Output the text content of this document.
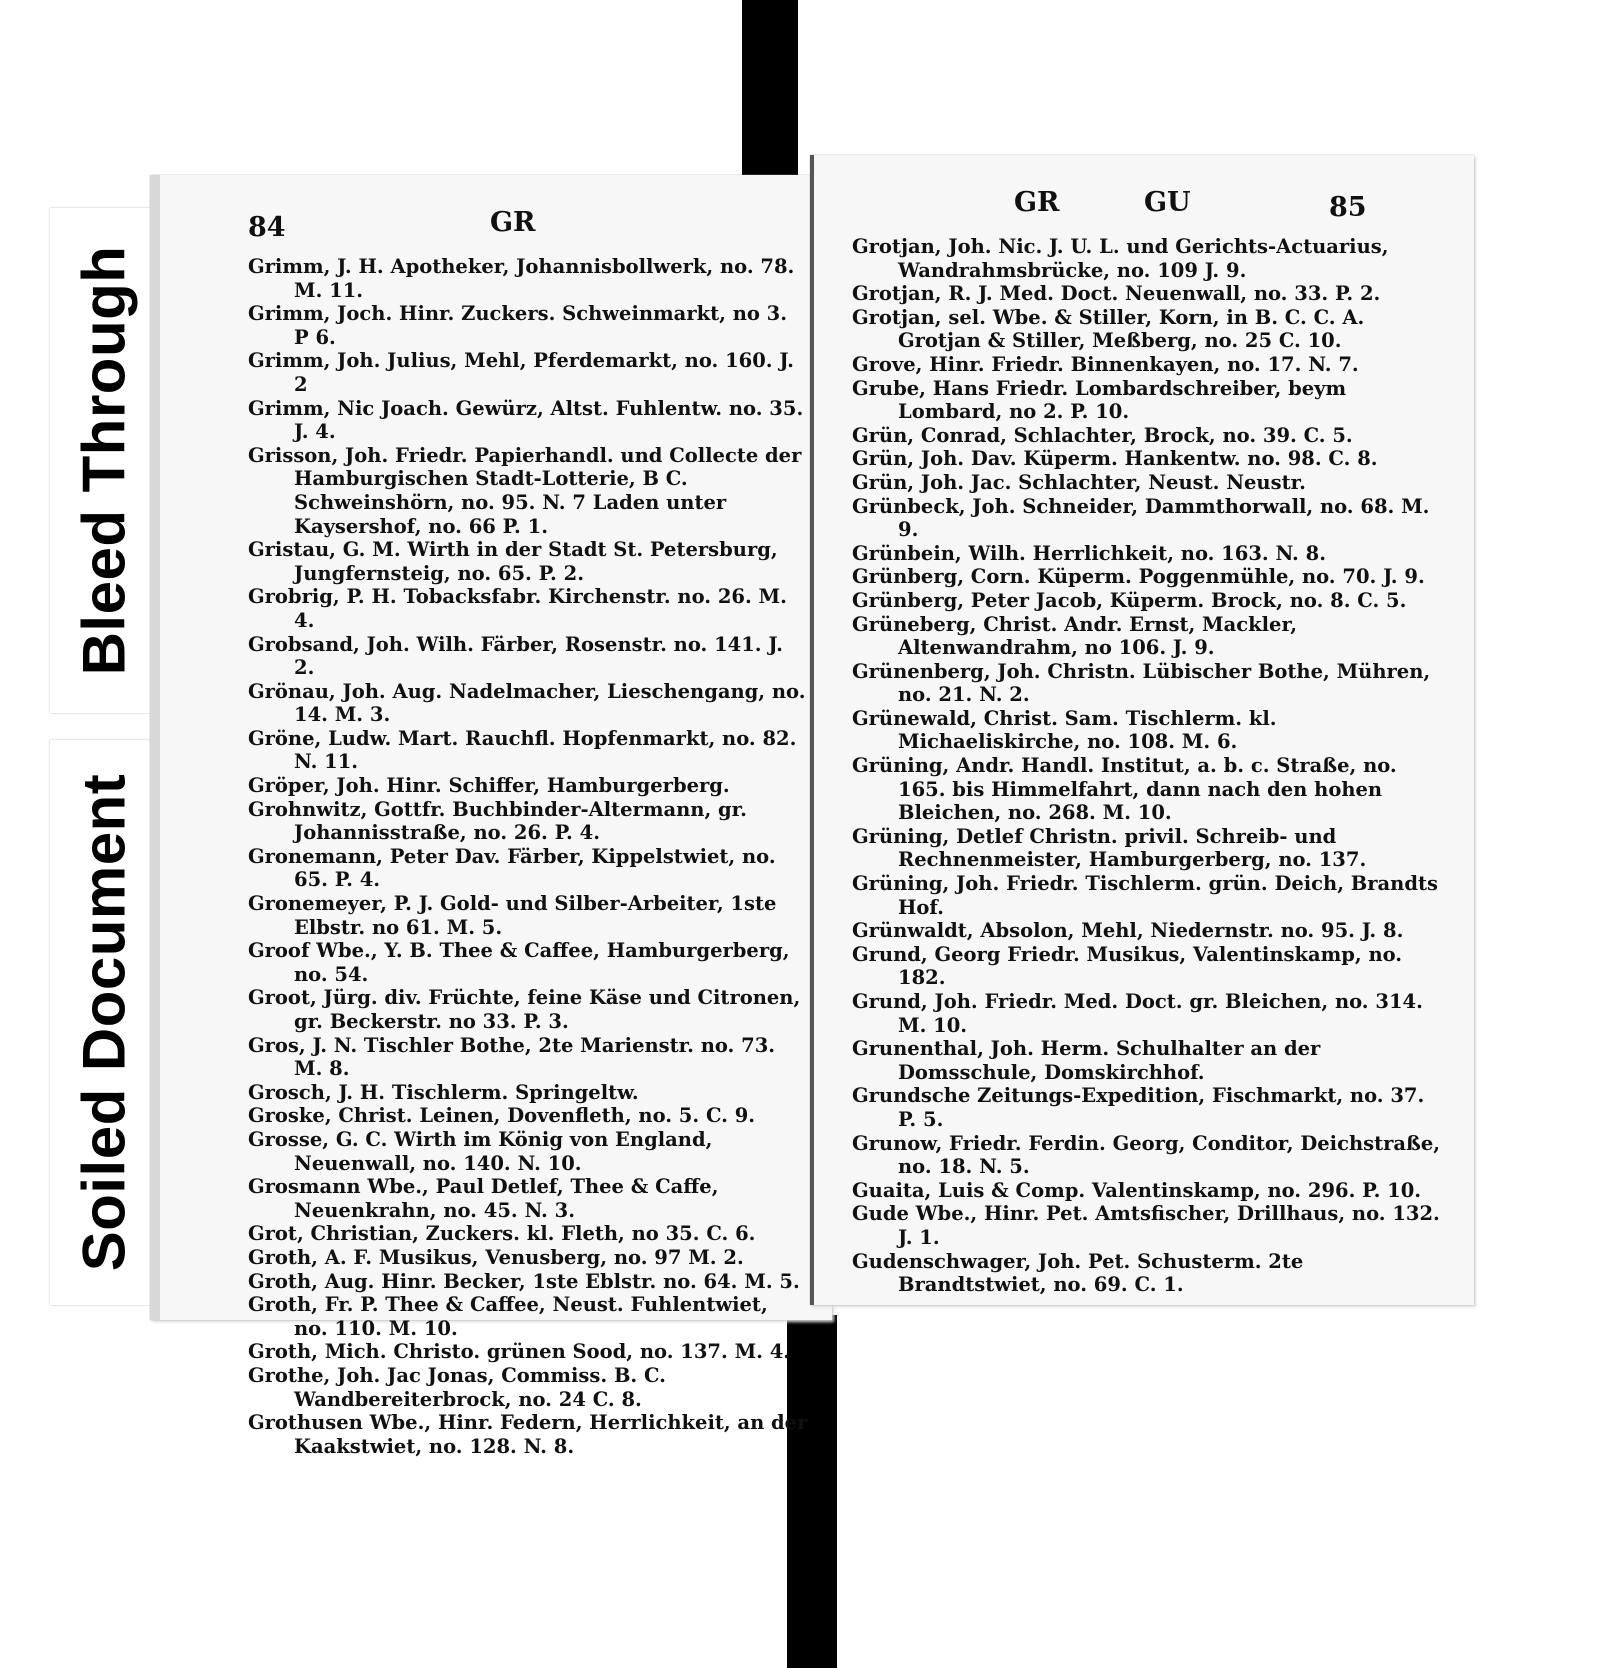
Bleed Through
Soiled Document
84	GR
Grimm, J. H. Apotheker, Johannisbollwerk, no. 78. M. 11.
Grimm, Joch. Hinr. Zuckers. Schweinmarkt, no 3. P 6.
Grimm, Joh. Julius, Mehl, Pferdemarkt, no. 160. J. 2
Grimm, Nic Joach. Gewürz, Altst. Fuhlentw. no. 35. J. 4.
Grisson, Joh. Friedr. Papierhandl. und Collecte der Hamburgischen Stadt-Lotterie, B C. Schweinshörn, no. 95. N. 7 Laden unter Kaysershof, no. 66 P. 1.
Gristau, G. M. Wirth in der Stadt St. Petersburg, Jungfernsteig, no. 65. P. 2.
Grobrig, P. H. Tobacksfabr. Kirchenstr. no. 26. M. 4.
Grobsand, Joh. Wilh. Färber, Rosenstr. no. 141. J. 2.
Grönau, Joh. Aug. Nadelmacher, Lieschengang, no. 14. M. 3.
Gröne, Ludw. Mart. Rauchfl. Hopfenmarkt, no. 82. N. 11.
Gröper, Joh. Hinr. Schiffer, Hamburgerberg.
Grohnwitz, Gottfr. Buchbinder-Altermann, gr. Johannisstraße, no. 26. P. 4.
Gronemann, Peter Dav. Färber, Kippelstwiet, no. 65. P. 4.
Gronemeyer, P. J. Gold- und Silber-Arbeiter, 1ste Elbstr. no 61. M. 5.
Groof Wbe., Y. B. Thee & Caffee, Hamburgerberg, no. 54.
Groot, Jürg. div. Früchte, feine Käse und Citronen, gr. Beckerstr. no 33. P. 3.
Gros, J. N. Tischler Bothe, 2te Marienstr. no. 73. M. 8.
Grosch, J. H. Tischlerm. Springeltw.
Groske, Christ. Leinen, Dovenfleth, no. 5. C. 9.
Grosse, G. C. Wirth im König von England, Neuenwall, no. 140. N. 10.
Grosmann Wbe., Paul Detlef, Thee & Caffe, Neuenkrahn, no. 45. N. 3.
Grot, Christian, Zuckers. kl. Fleth, no 35. C. 6.
Groth, A. F. Musikus, Venusberg, no. 97 M. 2.
Groth, Aug. Hinr. Becker, 1ste Eblstr. no. 64. M. 5.
Groth, Fr. P. Thee & Caffee, Neust. Fuhlentwiet, no. 110. M. 10.
Groth, Mich. Christo. grünen Sood, no. 137. M. 4.
Grothe, Joh. Jac Jonas, Commiss. B. C. Wandbereiterbrock, no. 24 C. 8.
Grothusen Wbe., Hinr. Federn, Herrlichkeit, an der Kaakstwiet, no. 128. N. 8.
GR	GU	85
Grotjan, Joh. Nic. J. U. L. und Gerichts-Actuarius, Wandrahmsbrücke, no. 109 J. 9.
Grotjan, R. J. Med. Doct. Neuenwall, no. 33. P. 2.
Grotjan, sel. Wbe. & Stiller, Korn, in B. C. C. A. Grotjan & Stiller, Meßberg, no. 25 C. 10.
Grove, Hinr. Friedr. Binnenkayen, no. 17. N. 7.
Grube, Hans Friedr. Lombardschreiber, beym Lombard, no 2. P. 10.
Grün, Conrad, Schlachter, Brock, no. 39. C. 5.
Grün, Joh. Dav. Küperm. Hankentw. no. 98. C. 8.
Grün, Joh. Jac. Schlachter, Neust. Neustr.
Grünbeck, Joh. Schneider, Dammthorwall, no. 68. M. 9.
Grünbein, Wilh. Herrlichkeit, no. 163. N. 8.
Grünberg, Corn. Küperm. Poggenmühle, no. 70. J. 9.
Grünberg, Peter Jacob, Küperm. Brock, no. 8. C. 5.
Grüneberg, Christ. Andr. Ernst, Mackler, Altenwandrahm, no 106. J. 9.
Grünenberg, Joh. Christn. Lübischer Bothe, Mühren, no. 21. N. 2.
Grünewald, Christ. Sam. Tischlerm. kl. Michaeliskirche, no. 108. M. 6.
Grüning, Andr. Handl. Institut, a. b. c. Straße, no. 165. bis Himmelfahrt, dann nach den hohen Bleichen, no. 268. M. 10.
Grüning, Detlef Christn. privil. Schreib- und Rechnenmeister, Hamburgerberg, no. 137.
Grüning, Joh. Friedr. Tischlerm. grün. Deich, Brandts Hof.
Grünwaldt, Absolon, Mehl, Niedernstr. no. 95. J. 8.
Grund, Georg Friedr. Musikus, Valentinskamp, no. 182.
Grund, Joh. Friedr. Med. Doct. gr. Bleichen, no. 314. M. 10.
Grunenthal, Joh. Herm. Schulhalter an der Domsschule, Domskirchhof.
Grundsche Zeitungs-Expedition, Fischmarkt, no. 37. P. 5.
Grunow, Friedr. Ferdin. Georg, Conditor, Deichstraße, no. 18. N. 5.
Guaita, Luis & Comp. Valentinskamp, no. 296. P. 10.
Gude Wbe., Hinr. Pet. Amtsfischer, Drillhaus, no. 132. J. 1.
Gudenschwager, Joh. Pet. Schusterm. 2te Brandtstwiet, no. 69. C. 1.
